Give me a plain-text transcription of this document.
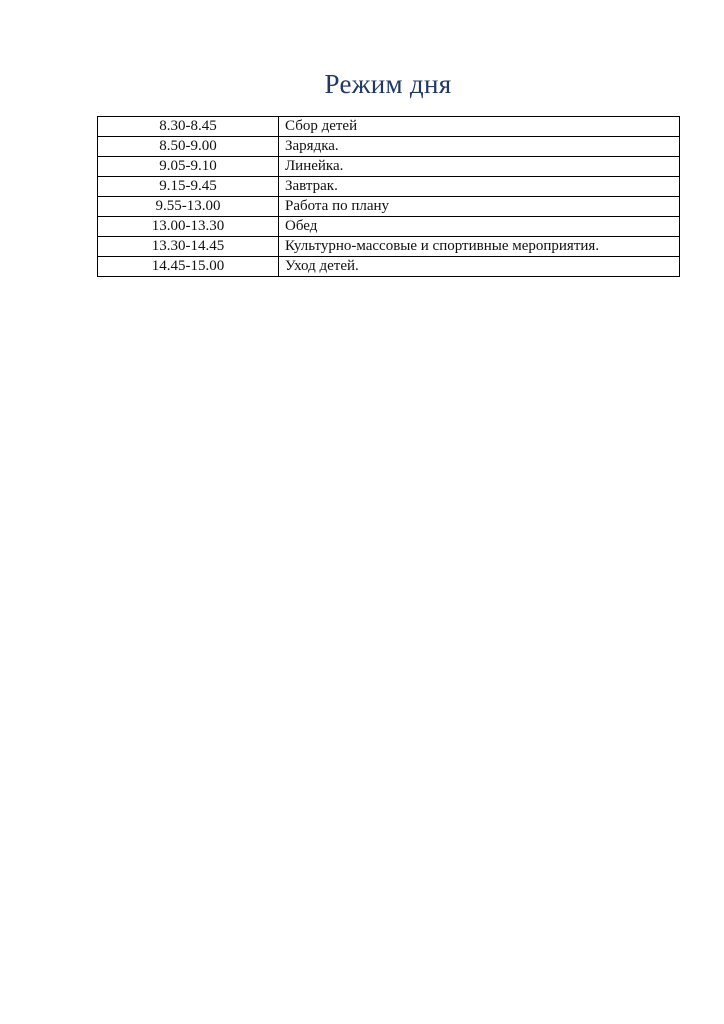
Режим дня
8.30-8.45	Сбор детей
8.50-9.00	Зарядка.
9.05-9.10	Линейка.
9.15-9.45	Завтрак.
9.55-13.00	Работа по плану
13.00-13.30	Обед
13.30-14.45	Культурно-массовые и спортивные мероприятия.
14.45-15.00	Уход детей.
